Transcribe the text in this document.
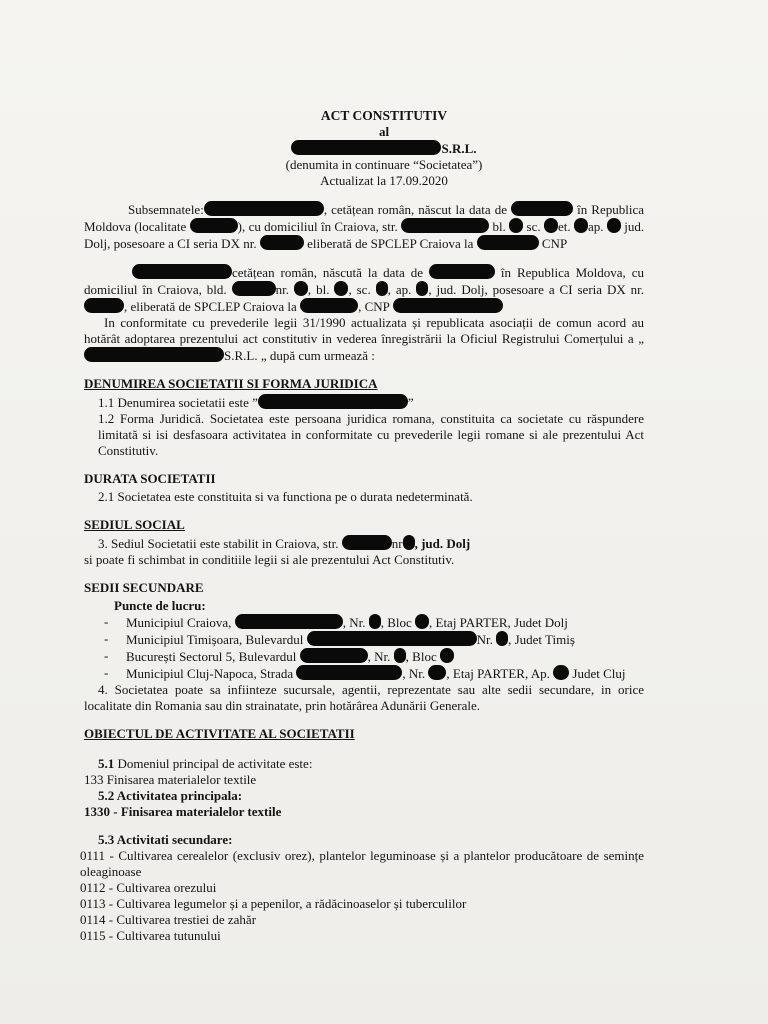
ACT CONSTITUTIV
al
S.R.L.
(denumita in continuare “Societatea”)
Actualizat la 17.09.2020

Subsemnatele:	, cetățean român, născut la data de	în Republica Moldova (localitate	), cu domiciliul în Craiova, str.	bl. sc. et. ap. jud. Dolj, posesoare a CI seria DX nr.	eliberată de SPCLEP Craiova la	CNP

cetățean român, născută la data de	în Republica Moldova, cu domiciliul în Craiova, bld.	nr. , bl. , sc. , ap. , jud. Dolj, posesoare a CI seria DX nr. , eliberată de SPCLEP Craiova la	, CNP

In conformitate cu prevederile legii 31/1990 actualizata și republicata asociații de comun acord au hotărât adoptarea prezentului act constitutiv in vederea înregistrării la Oficiul Registrului Comerțului a „S.R.L. „ după cum urmează :

DENUMIREA SOCIETATII SI FORMA JURIDICA
1.1 Denumirea societatii este ”	”
1.2 Forma Juridică. Societatea este persoana juridica romana, constituita ca societate cu răspundere limitată si isi desfasoara activitatea in conformitate cu prevederile legii romane si ale prezentului Act Constitutiv.
DURATA SOCIETATII
2.1 Societatea este constituita si va functiona pe o durata nedeterminată.
SEDIUL SOCIAL
3. Sediul Societatii este stabilit in Craiova, str.	nr , jud. Dolj
si poate fi schimbat in conditiile legii si ale prezentului Act Constitutiv.
SEDII SECUNDARE
Puncte de lucru:
- Municipiul Craiova,	, Nr. , Bloc , Etaj PARTER, Judet Dolj
- Municipiul Timișoara, Bulevardul	Nr. , Judet Timiș
- București Sectorul 5, Bulevardul	, Nr. , Bloc
- Municipiul Cluj-Napoca, Strada	, Nr. , Etaj PARTER, Ap. Judet Cluj
4. Societatea poate sa infiinteze sucursale, agentii, reprezentate sau alte sedii secundare, in orice localitate din Romania sau din strainatate, prin hotărârea Adunării Generale.
OBIECTUL DE ACTIVITATE AL SOCIETATII
5.1 Domeniul principal de activitate este:
133 Finisarea materialelor textile
5.2 Activitatea principala:
1330 - Finisarea materialelor textile
5.3 Activitati secundare:
0111 - Cultivarea cerealelor (exclusiv orez), plantelor leguminoase și a plantelor producătoare de semințe oleaginoase
0112 - Cultivarea orezului
0113 - Cultivarea legumelor și a pepenilor, a rădăcinoaselor și tuberculilor
0114 - Cultivarea trestiei de zahăr
0115 - Cultivarea tutunului
